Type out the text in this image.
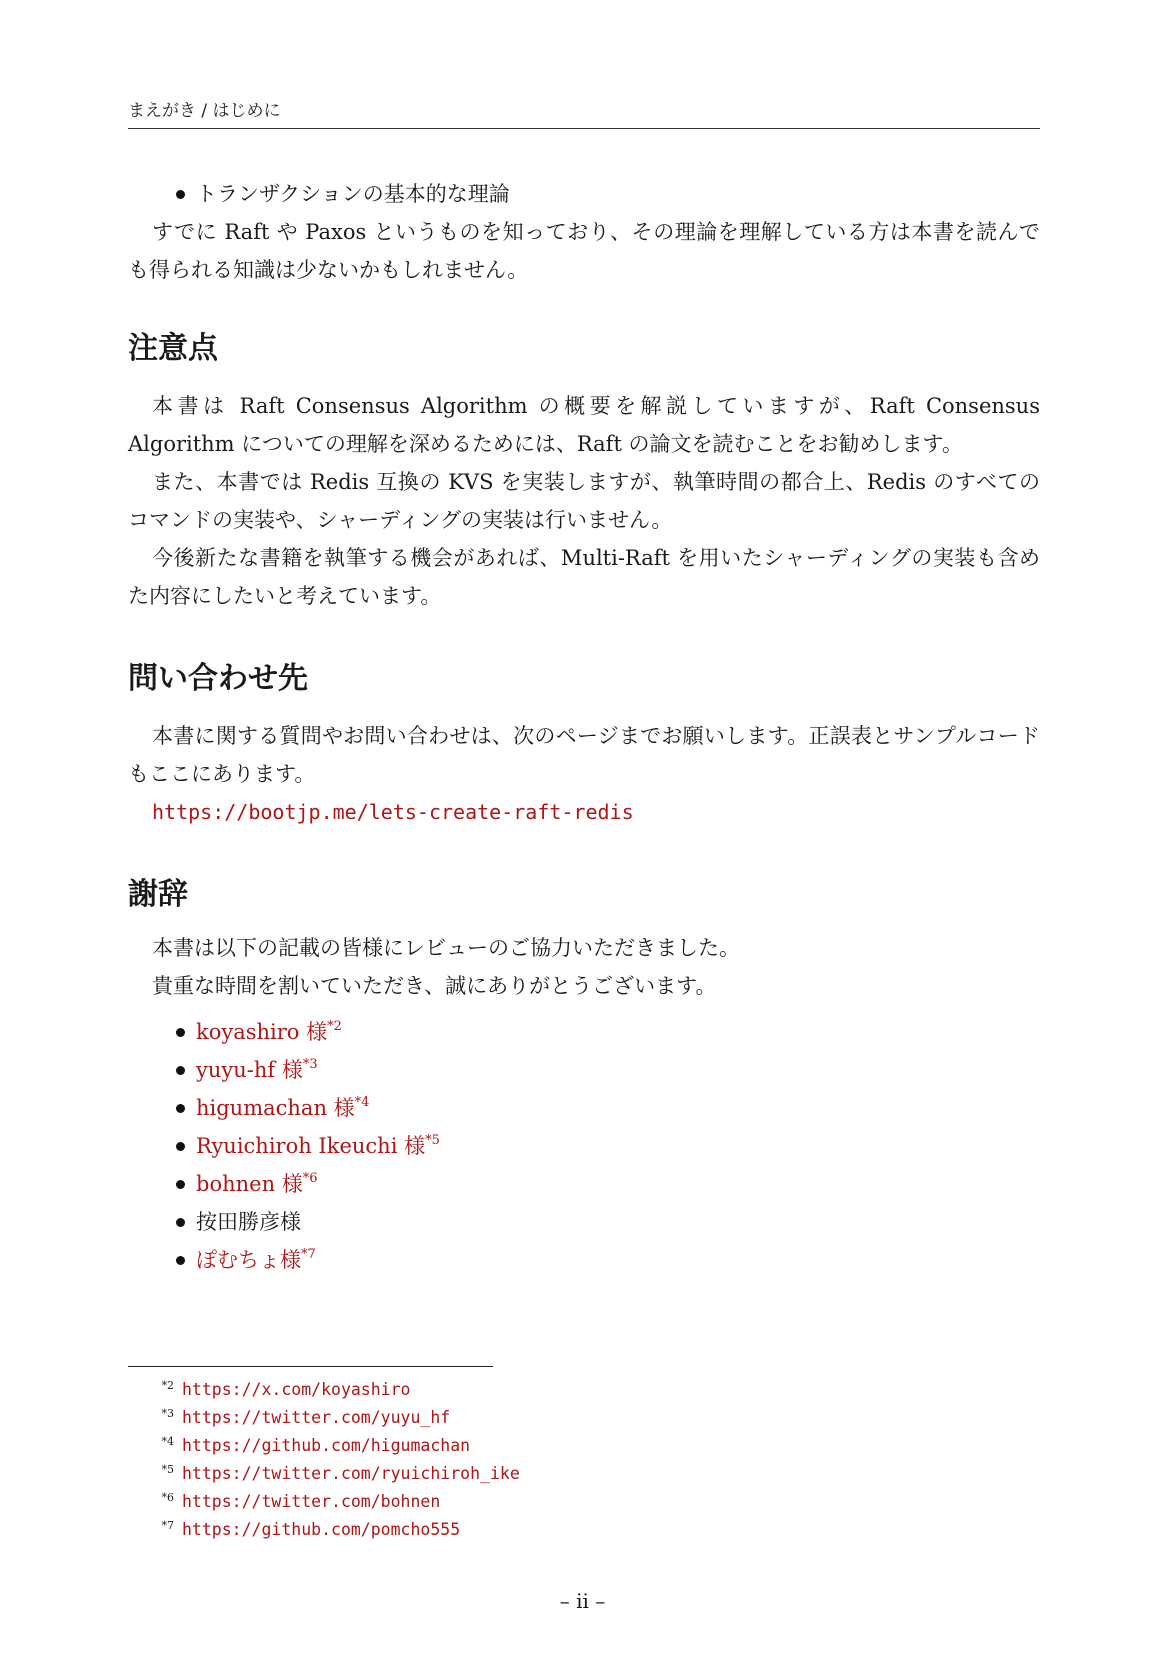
まえがき / はじめに
トランザクションの基本的な理論

すでに Raft や Paxos というものを知っており、その理論を理解している方は本書を読んでも得られる知識は少ないかもしれません。

注意点

本書は Raft Consensus Algorithm の概要を解説していますが、Raft Consensus Algorithm についての理解を深めるためには、Raft の論文を読むことをお勧めします。

また、本書では Redis 互換の KVS を実装しますが、執筆時間の都合上、Redis のすべてのコマンドの実装や、シャーディングの実装は行いません。

今後新たな書籍を執筆する機会があれば、Multi-Raft を用いたシャーディングの実装も含めた内容にしたいと考えています。

問い合わせ先

本書に関する質問やお問い合わせは、次のページまでお願いします。正誤表とサンプルコードもここにあります。

https://bootjp.me/lets-create-raft-redis
謝辞

本書は以下の記載の皆様にレビューのご協力いただきました。

貴重な時間を割いていただき、誠にありがとうございます。

koyashiro 様$^{*2}$
yuyu-hf 様$^{*3}$
higumachan 様$^{*4}$
Ryuichiroh Ikeuchi 様$^{*5}$
bohnen 様$^{*6}$
按田勝彦様
ぽむちょ様$^{*7}$
$^{*2}$ https://x.com/koyashiro
$^{*3}$ https://twitter.com/yuyu_hf
$^{*4}$ https://github.com/higumachan
$^{*5}$ https://twitter.com/ryuichiroh_ike
$^{*6}$ https://twitter.com/bohnen
$^{*7}$ https://github.com/pomcho555
– ii –
